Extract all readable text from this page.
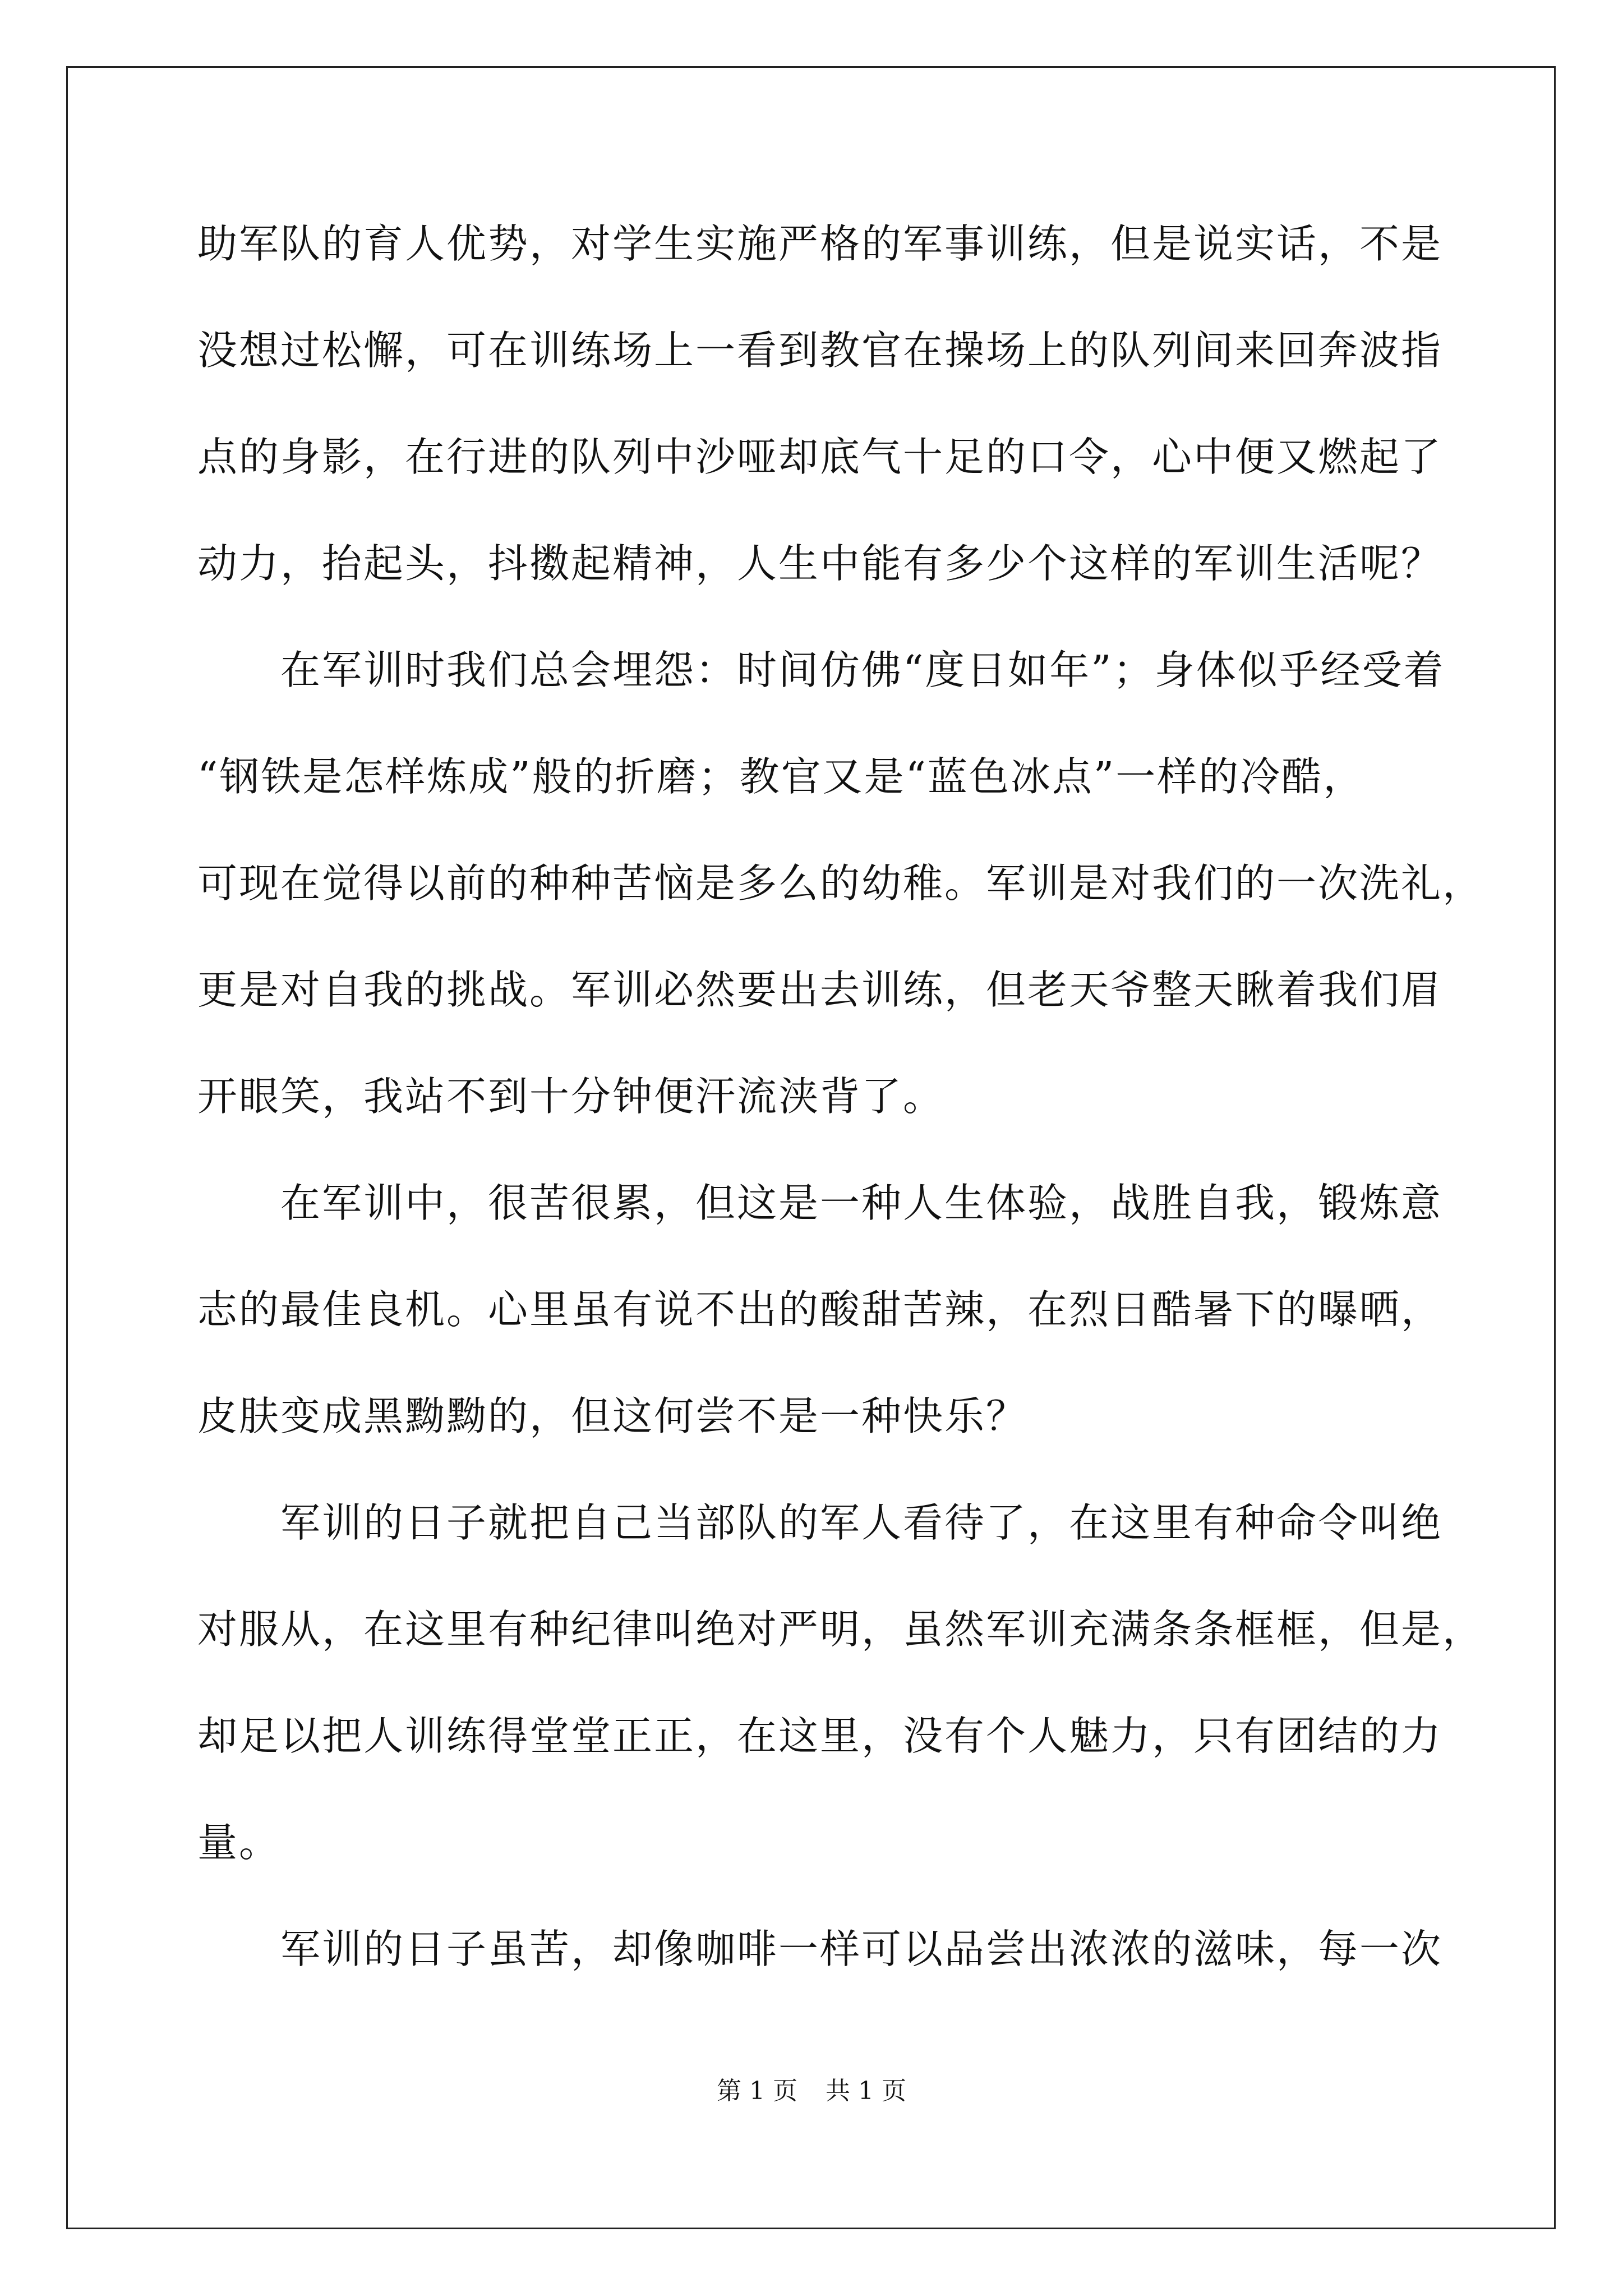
助军队的育人优势，对学生实施严格的军事训练，但是说实话，不是
没想过松懈，可在训练场上一看到教官在操场上的队列间来回奔波指
点的身影，在行进的队列中沙哑却底气十足的口令，心中便又燃起了
动力，抬起头，抖擞起精神，人生中能有多少个这样的军训生活呢？
在军训时我们总会埋怨：时间仿佛“度日如年”；身体似乎经受着
“钢铁是怎样炼成”般的折磨；教官又是“蓝色冰点”一样的冷酷，
可现在觉得以前的种种苦恼是多么的幼稚。军训是对我们的一次洗礼，
更是对自我的挑战。军训必然要出去训练，但老天爷整天瞅着我们眉
开眼笑，我站不到十分钟便汗流浃背了。
在军训中，很苦很累，但这是一种人生体验，战胜自我，锻炼意
志的最佳良机。心里虽有说不出的酸甜苦辣，在烈日酷暑下的曝晒，
皮肤变成黑黝黝的，但这何尝不是一种快乐？
军训的日子就把自己当部队的军人看待了，在这里有种命令叫绝
对服从，在这里有种纪律叫绝对严明，虽然军训充满条条框框，但是，
却足以把人训练得堂堂正正，在这里，没有个人魅力，只有团结的力
量。
军训的日子虽苦，却像咖啡一样可以品尝出浓浓的滋味，每一次
第 1 页 共 1 页
